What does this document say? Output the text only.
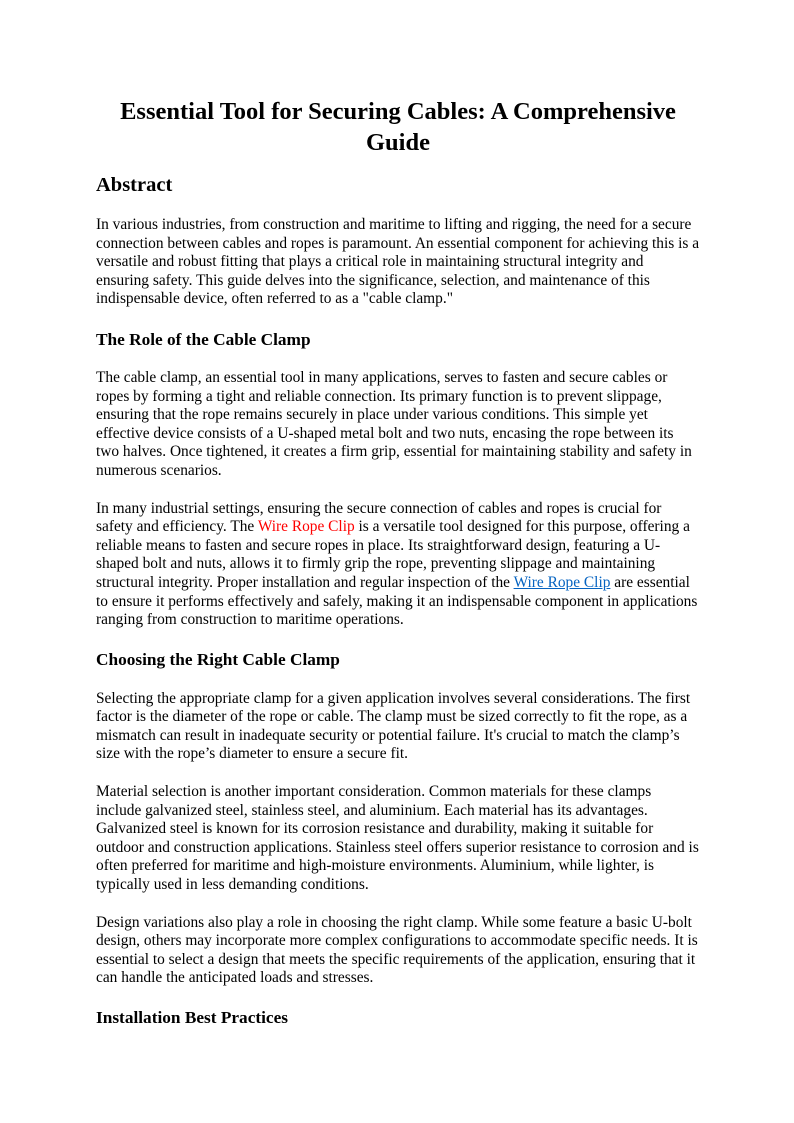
Essential Tool for Securing Cables: A Comprehensive Guide
Abstract

In various industries, from construction and maritime to lifting and rigging, the need for a secure connection between cables and ropes is paramount. An essential component for achieving this is a versatile and robust fitting that plays a critical role in maintaining structural integrity and ensuring safety. This guide delves into the significance, selection, and maintenance of this indispensable device, often referred to as a "cable clamp."

The Role of the Cable Clamp

The cable clamp, an essential tool in many applications, serves to fasten and secure cables or ropes by forming a tight and reliable connection. Its primary function is to prevent slippage, ensuring that the rope remains securely in place under various conditions. This simple yet effective device consists of a U-shaped metal bolt and two nuts, encasing the rope between its two halves. Once tightened, it creates a firm grip, essential for maintaining stability and safety in numerous scenarios.

In many industrial settings, ensuring the secure connection of cables and ropes is crucial for safety and efficiency. The Wire Rope Clip is a versatile tool designed for this purpose, offering a reliable means to fasten and secure ropes in place. Its straightforward design, featuring a U-shaped bolt and nuts, allows it to firmly grip the rope, preventing slippage and maintaining structural integrity. Proper installation and regular inspection of the Wire Rope Clip are essential to ensure it performs effectively and safely, making it an indispensable component in applications ranging from construction to maritime operations.

Choosing the Right Cable Clamp

Selecting the appropriate clamp for a given application involves several considerations. The first factor is the diameter of the rope or cable. The clamp must be sized correctly to fit the rope, as a mismatch can result in inadequate security or potential failure. It's crucial to match the clamp’s size with the rope’s diameter to ensure a secure fit.

Material selection is another important consideration. Common materials for these clamps include galvanized steel, stainless steel, and aluminium. Each material has its advantages. Galvanized steel is known for its corrosion resistance and durability, making it suitable for outdoor and construction applications. Stainless steel offers superior resistance to corrosion and is often preferred for maritime and high-moisture environments. Aluminium, while lighter, is typically used in less demanding conditions.

Design variations also play a role in choosing the right clamp. While some feature a basic U-bolt design, others may incorporate more complex configurations to accommodate specific needs. It is essential to select a design that meets the specific requirements of the application, ensuring that it can handle the anticipated loads and stresses.

Installation Best Practices
